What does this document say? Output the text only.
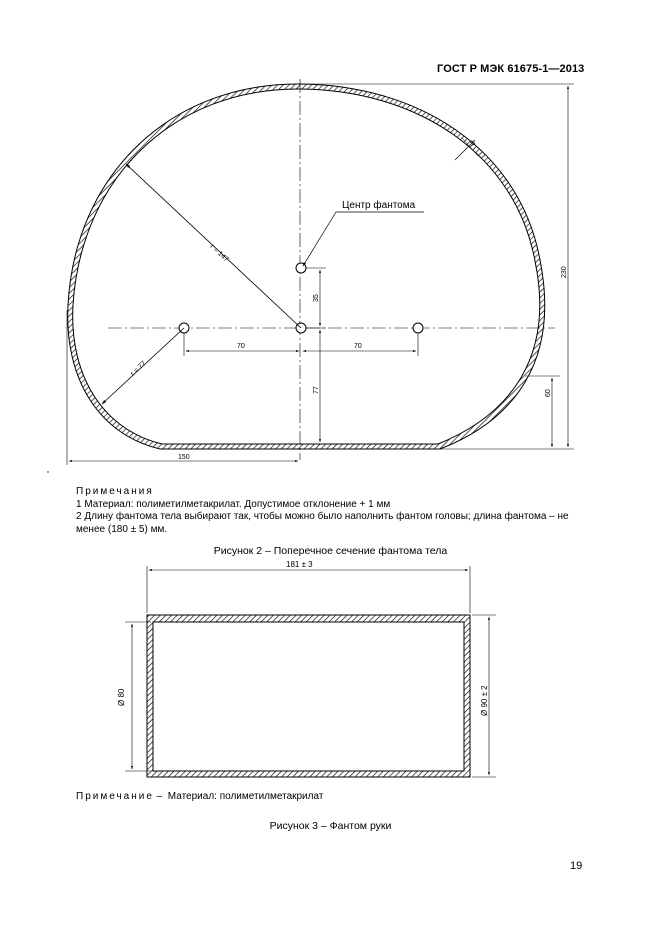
ГОСТ Р МЭК 61675-1—2013
r = 147
r = 77
3
Центр фантома
70	70
35
77
230
60
150
181 ± 3
Ø 80	Ø 90 ± 2
Примечания
1 Материал: полиметилметакрилат. Допустимое отклонение + 1 мм
2 Длину фантома тела выбирают так, чтобы можно было наполнить фантом головы; длина фантома – не менее (180 ± 5) мм.
Рисунок 2 – Поперечное сечение фантома тела
Примечание –  Материал: полиметилметакрилат
Рисунок 3 – Фантом руки
19
